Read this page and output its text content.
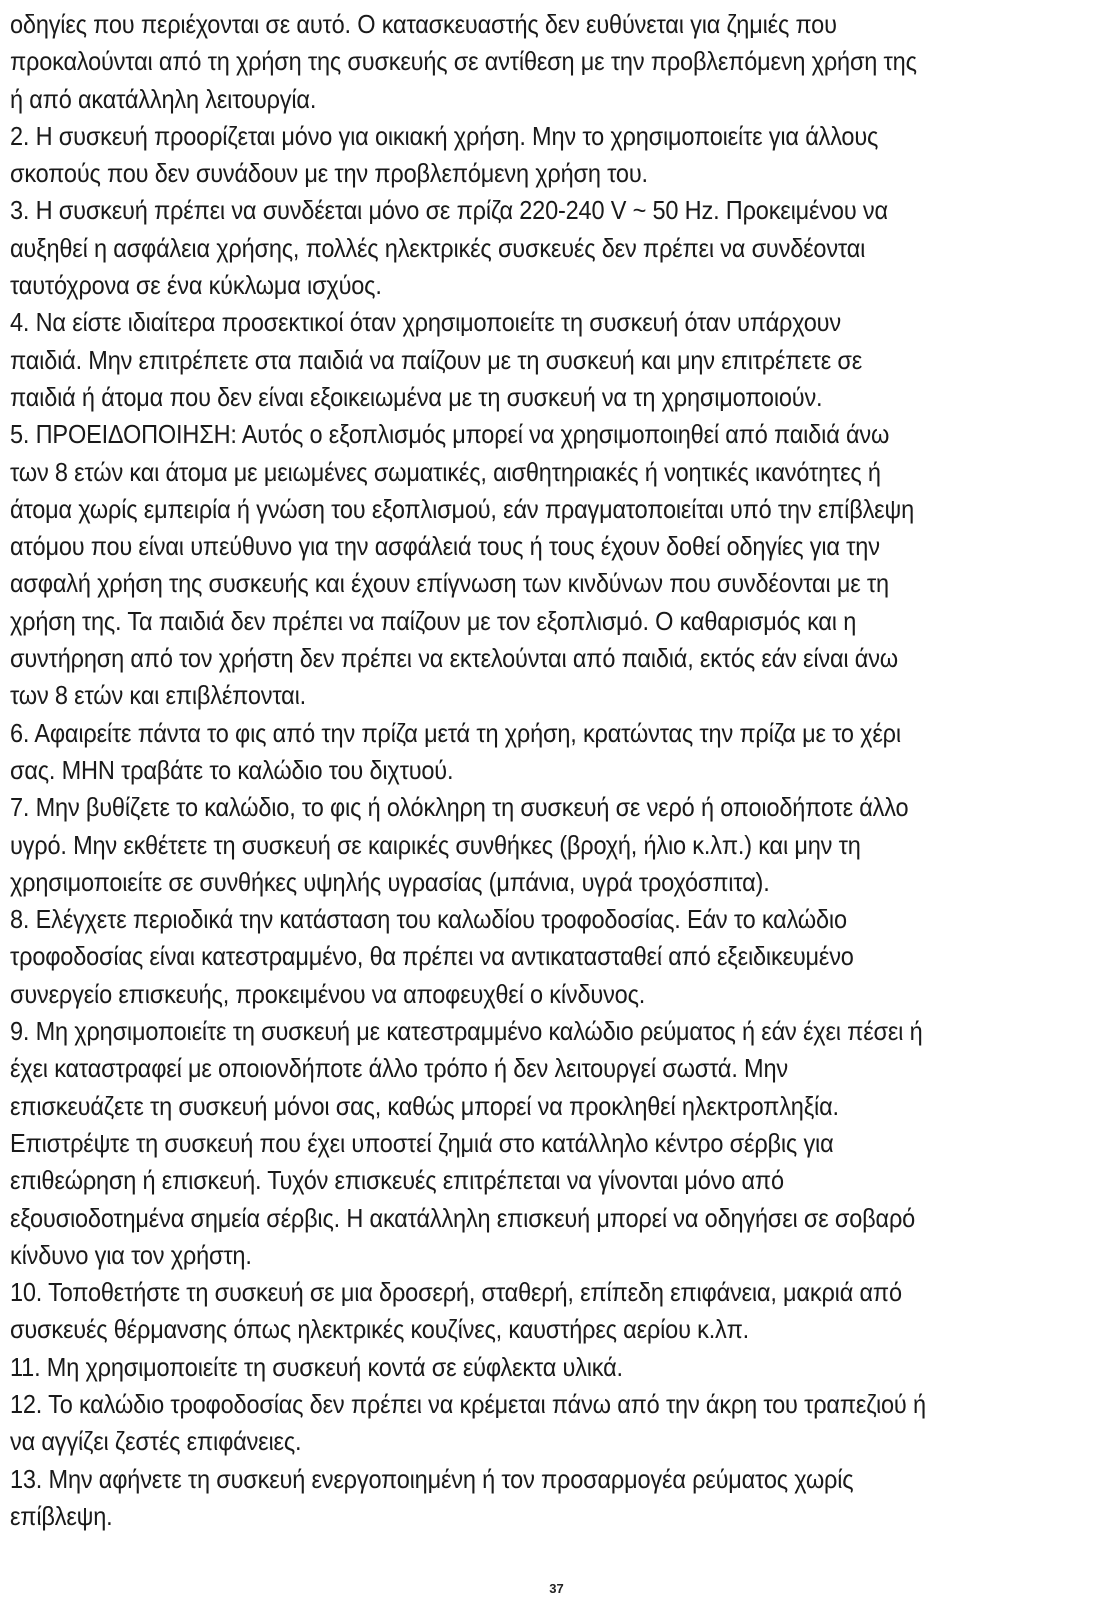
οδηγίες που περιέχονται σε αυτό. Ο κατασκευαστής δεν ευθύνεται για ζημιές που
προκαλούνται από τη χρήση της συσκευής σε αντίθεση με την προβλεπόμενη χρήση της
ή από ακατάλληλη λειτουργία.
2. Η συσκευή προορίζεται μόνο για οικιακή χρήση. Μην το χρησιμοποιείτε για άλλους
σκοπούς που δεν συνάδουν με την προβλεπόμενη χρήση του.
3. Η συσκευή πρέπει να συνδέεται μόνο σε πρίζα 220-240 V ~ 50 Hz. Προκειμένου να
αυξηθεί η ασφάλεια χρήσης, πολλές ηλεκτρικές συσκευές δεν πρέπει να συνδέονται
ταυτόχρονα σε ένα κύκλωμα ισχύος.
4. Να είστε ιδιαίτερα προσεκτικοί όταν χρησιμοποιείτε τη συσκευή όταν υπάρχουν
παιδιά. Μην επιτρέπετε στα παιδιά να παίζουν με τη συσκευή και μην επιτρέπετε σε
παιδιά ή άτομα που δεν είναι εξοικειωμένα με τη συσκευή να τη χρησιμοποιούν.
5. ΠΡΟΕΙΔΟΠΟΙΗΣΗ: Αυτός ο εξοπλισμός μπορεί να χρησιμοποιηθεί από παιδιά άνω
των 8 ετών και άτομα με μειωμένες σωματικές, αισθητηριακές ή νοητικές ικανότητες ή
άτομα χωρίς εμπειρία ή γνώση του εξοπλισμού, εάν πραγματοποιείται υπό την επίβλεψη
ατόμου που είναι υπεύθυνο για την ασφάλειά τους ή τους έχουν δοθεί οδηγίες για την
ασφαλή χρήση της συσκευής και έχουν επίγνωση των κινδύνων που συνδέονται με τη
χρήση της. Τα παιδιά δεν πρέπει να παίζουν με τον εξοπλισμό. Ο καθαρισμός και η
συντήρηση από τον χρήστη δεν πρέπει να εκτελούνται από παιδιά, εκτός εάν είναι άνω
των 8 ετών και επιβλέπονται.
6. Αφαιρείτε πάντα το φις από την πρίζα μετά τη χρήση, κρατώντας την πρίζα με το χέρι
σας. ΜΗΝ τραβάτε το καλώδιο του διχτυού.
7. Μην βυθίζετε το καλώδιο, το φις ή ολόκληρη τη συσκευή σε νερό ή οποιοδήποτε άλλο
υγρό. Μην εκθέτετε τη συσκευή σε καιρικές συνθήκες (βροχή, ήλιο κ.λπ.) και μην τη
χρησιμοποιείτε σε συνθήκες υψηλής υγρασίας (μπάνια, υγρά τροχόσπιτα).
8. Ελέγχετε περιοδικά την κατάσταση του καλωδίου τροφοδοσίας. Εάν το καλώδιο
τροφοδοσίας είναι κατεστραμμένο, θα πρέπει να αντικατασταθεί από εξειδικευμένο
συνεργείο επισκευής, προκειμένου να αποφευχθεί ο κίνδυνος.
9. Μη χρησιμοποιείτε τη συσκευή με κατεστραμμένο καλώδιο ρεύματος ή εάν έχει πέσει ή
έχει καταστραφεί με οποιονδήποτε άλλο τρόπο ή δεν λειτουργεί σωστά. Μην
επισκευάζετε τη συσκευή μόνοι σας, καθώς μπορεί να προκληθεί ηλεκτροπληξία.
Επιστρέψτε τη συσκευή που έχει υποστεί ζημιά στο κατάλληλο κέντρο σέρβις για
επιθεώρηση ή επισκευή. Τυχόν επισκευές επιτρέπεται να γίνονται μόνο από
εξουσιοδοτημένα σημεία σέρβις. Η ακατάλληλη επισκευή μπορεί να οδηγήσει σε σοβαρό
κίνδυνο για τον χρήστη.
10. Τοποθετήστε τη συσκευή σε μια δροσερή, σταθερή, επίπεδη επιφάνεια, μακριά από
συσκευές θέρμανσης όπως ηλεκτρικές κουζίνες, καυστήρες αερίου κ.λπ.
11. Μη χρησιμοποιείτε τη συσκευή κοντά σε εύφλεκτα υλικά.
12. Το καλώδιο τροφοδοσίας δεν πρέπει να κρέμεται πάνω από την άκρη του τραπεζιού ή
να αγγίζει ζεστές επιφάνειες.
13. Μην αφήνετε τη συσκευή ενεργοποιημένη ή τον προσαρμογέα ρεύματος χωρίς
επίβλεψη.
37
